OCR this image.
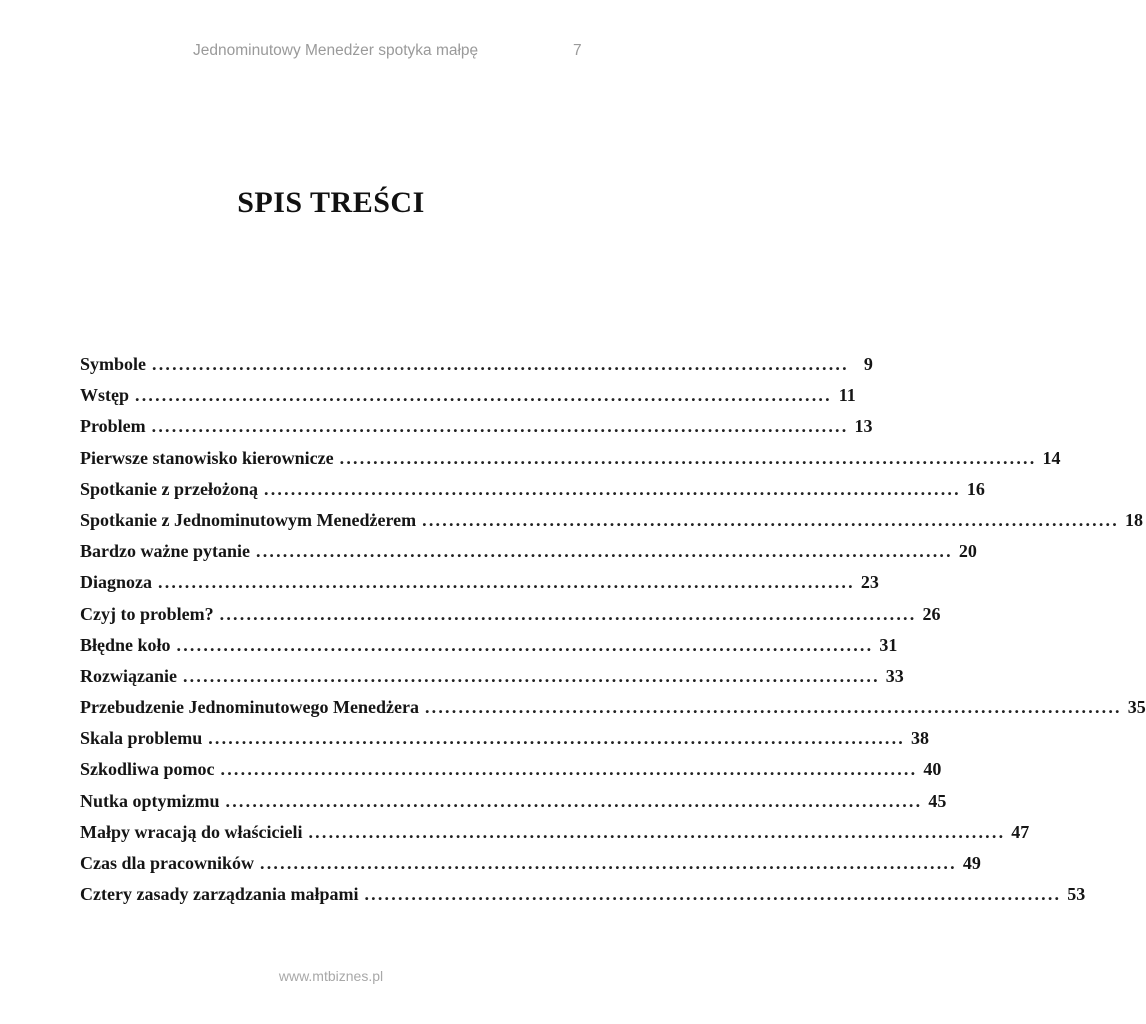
Jednominutowy Menedżer spotyka małpę	7
SPIS TREŚCI
Symbole ........................................................................................................ 9
Wstęp ........................................................................................................ 11
Problem ........................................................................................................ 13
Pierwsze stanowisko kierownicze ........................................................................................................ 14
Spotkanie z przełożoną ........................................................................................................ 16
Spotkanie z Jednominutowym Menedżerem ........................................................................................................ 18
Bardzo ważne pytanie ........................................................................................................ 20
Diagnoza ........................................................................................................ 23
Czyj to problem? ........................................................................................................ 26
Błędne koło ........................................................................................................ 31
Rozwiązanie ........................................................................................................ 33
Przebudzenie Jednominutowego Menedżera ........................................................................................................ 35
Skala problemu ........................................................................................................ 38
Szkodliwa pomoc ........................................................................................................ 40
Nutka optymizmu ........................................................................................................ 45
Małpy wracają do właścicieli ........................................................................................................ 47
Czas dla pracowników ........................................................................................................ 49
Cztery zasady zarządzania małpami ........................................................................................................ 53
www.mtbiznes.pl
